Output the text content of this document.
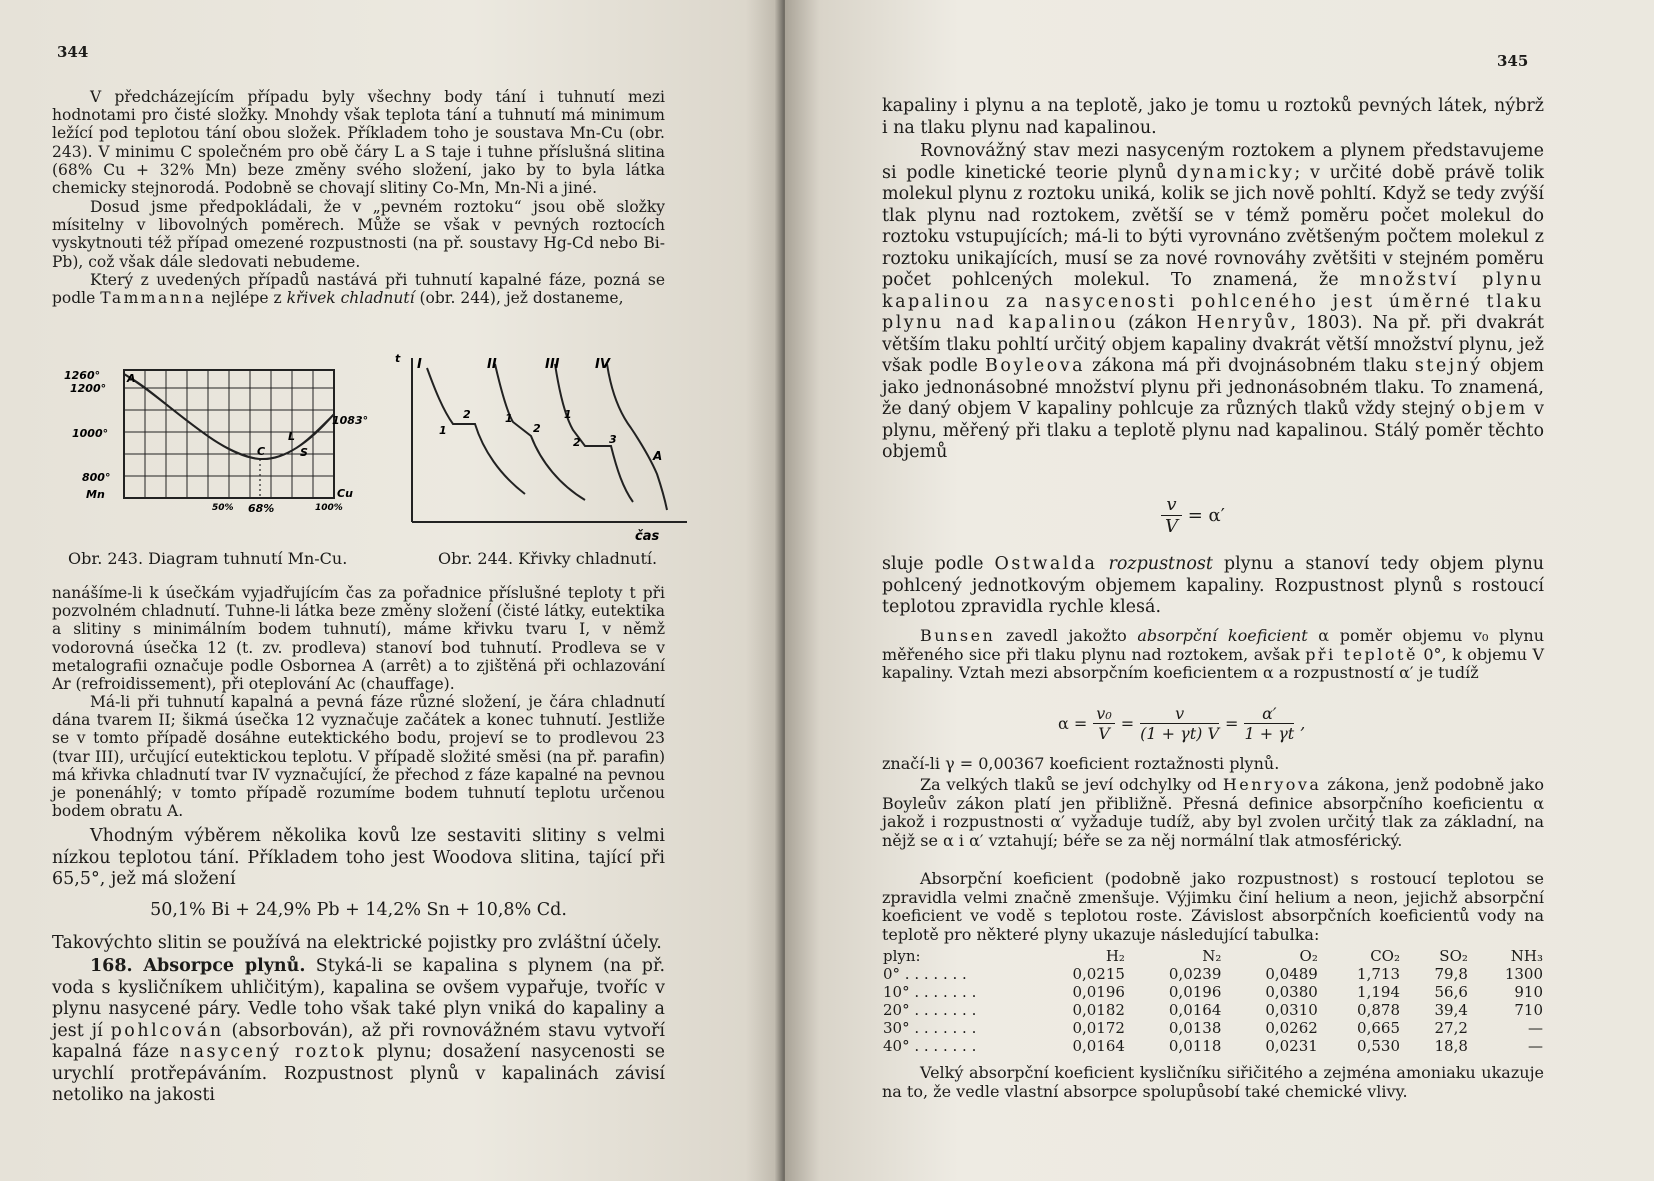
344
V předcházejícím případu byly všechny body tání i tuhnutí mezi hodnotami pro čisté složky. Mnohdy však teplota tání a tuhnutí má minimum ležící pod teplotou tání obou složek. Příkladem toho je soustava Mn-Cu (obr. 243). V minimu C společném pro obě čáry L a S taje i tuhne příslušná slitina (68% Cu + 32% Mn) beze změny svého složení, jako by to byla látka chemicky stejnorodá. Podobně se chovají slitiny Co-Mn, Mn-Ni a jiné.
Dosud jsme předpokládali, že v „pevném roztoku“ jsou obě složky mísitelny v libovolných poměrech. Může se však v pevných roztocích vyskytnouti též případ omezené rozpustnosti (na př. soustavy Hg-Cd nebo Bi-Pb), což však dále sledovati nebudeme.
Který z uvedených případů nastává při tuhnutí kapalné fáze, pozná se podle Tammanna nejlépe z křivek chladnutí (obr. 244), jež dostaneme,
1260°
1200°
1000°
800°
Mn
50% 68%	100%
Cu
A
1083°
L
S
C
Obr. 243. Diagram tuhnutí Mn-Cu.
t
čas
I	II	III	IV
1
2	1
2
1
2	3
A
Obr. 244. Křivky chladnutí.
nanášíme-li k úsečkám vyjadřujícím čas za pořadnice příslušné teploty t při pozvolném chladnutí. Tuhne-li látka beze změny složení (čisté látky, eutektika a slitiny s minimálním bodem tuhnutí), máme křivku tvaru I, v němž vodorovná úsečka 12 (t. zv. prodleva) stanoví bod tuhnutí. Prodleva se v metalografii označuje podle Osbornea A (arrêt) a to zjištěná při ochlazování Ar (refroidissement), při oteplování Ac (chauffage).
Má-li při tuhnutí kapalná a pevná fáze různé složení, je čára chladnutí dána tvarem II; šikmá úsečka 12 vyznačuje začátek a konec tuhnutí. Jestliže se v tomto případě dosáhne eutektického bodu, projeví se to prodlevou 23 (tvar III), určující eutektickou teplotu. V případě složité směsi (na př. parafin) má křivka chladnutí tvar IV vyznačující, že přechod z fáze kapalné na pevnou je ponenáhlý; v tomto případě rozumíme bodem tuhnutí teplotu určenou bodem obratu A.
Vhodným výběrem několika kovů lze sestaviti slitiny s velmi nízkou teplotou tání. Příkladem toho jest Woodova slitina, tající při 65,5°, jež má složení
50,1% Bi + 24,9% Pb + 14,2% Sn + 10,8% Cd.
Takovýchto slitin se používá na elektrické pojistky pro zvláštní účely.
168. Absorpce plynů. Styká-li se kapalina s plynem (na př. voda s kysličníkem uhličitým), kapalina se ovšem vypařuje, tvoříc v plynu nasycené páry. Vedle toho však také plyn vniká do kapaliny a jest jí pohlcován (absorbován), až při rovnovážném stavu vytvoří kapalná fáze nasycený roztok plynu; dosažení nasycenosti se urychlí protřepáváním. Rozpustnost plynů v kapalinách závisí netoliko na jakosti
345
kapaliny i plynu a na teplotě, jako je tomu u roztoků pevných látek, nýbrž i na tlaku plynu nad kapalinou.
Rovnovážný stav mezi nasyceným roztokem a plynem představujeme si podle kinetické teorie plynů dynamicky; v určité době právě tolik molekul plynu z roztoku uniká, kolik se jich nově pohltí. Když se tedy zvýší tlak plynu nad roztokem, zvětší se v témž poměru počet molekul do roztoku vstupujících; má-li to býti vyrovnáno zvětšeným počtem molekul z roztoku unikajících, musí se za nové rovnováhy zvětšiti v stejném poměru počet pohlcených molekul. To znamená, že množství plynu kapalinou za nasycenosti pohlceného jest úměrné tlaku plynu nad kapalinou (zákon Henryův, 1803). Na př. při dvakrát větším tlaku pohltí určitý objem kapaliny dvakrát větší množství plynu, jež však podle Boyleova zákona má při dvojnásobném tlaku stejný objem jako jednonásobné množství plynu při jednonásobném tlaku. To znamená, že daný objem V kapaliny pohlcuje za různých tlaků vždy stejný objem v plynu, měřený při tlaku a teplotě plynu nad kapalinou. Stálý poměr těchto objemů
$\frac{v}{V} = \alpha'$
sluje podle Ostwalda rozpustnost plynu a stanoví tedy objem plynu pohlcený jednotkovým objemem kapaliny. Rozpustnost plynů s rostoucí teplotou zpravidla rychle klesá.
Bunsen zavedl jakožto absorpční koeficient α poměr objemu v₀ plynu měřeného sice při tlaku plynu nad roztokem, avšak při teplotě 0°, k objemu V kapaliny. Vztah mezi absorpčním koeficientem α a rozpustností α′ je tudíž
$\alpha = \frac{\text{v₀}}{V} = \frac{v}{(1 + \gamma t) V} = \frac{\alpha'}{1 + \gamma t}$ ,
značí-li γ = 0,00367 koeficient roztažnosti plynů.
Za velkých tlaků se jeví odchylky od Henryova zákona, jenž podobně jako Boyleův zákon platí jen přibližně. Přesná definice absorpčního koeficientu α jakož i rozpustnosti α′ vyžaduje tudíž, aby byl zvolen určitý tlak za základní, na nějž se α i α′ vztahují; béře se za něj normální tlak atmosférický.
Absorpční koeficient (podobně jako rozpustnost) s rostoucí teplotou se zpravidla velmi značně zmenšuje. Výjimku činí helium a neon, jejichž absorpční koeficient ve vodě s teplotou roste. Závislost absorpčních koeficientů vody na teplotě pro některé plyny ukazuje následující tabulka:
plyn:	H₂	N₂	O₂	CO₂	SO₂	NH₃
0° . . . . . . .	0,0215	0,0239	0,0489	1,713	79,8	1300
10° . . . . . . .	0,0196	0,0196	0,0380	1,194	56,6	910
20° . . . . . . .	0,0182	0,0164	0,0310	0,878	39,4	710
30° . . . . . . .	0,0172	0,0138	0,0262	0,665	27,2	—
40° . . . . . . .	0,0164	0,0118	0,0231	0,530	18,8	—
Velký absorpční koeficient kysličníku siřičitého a zejména amoniaku ukazuje na to, že vedle vlastní absorpce spolupůsobí také chemické vlivy.
